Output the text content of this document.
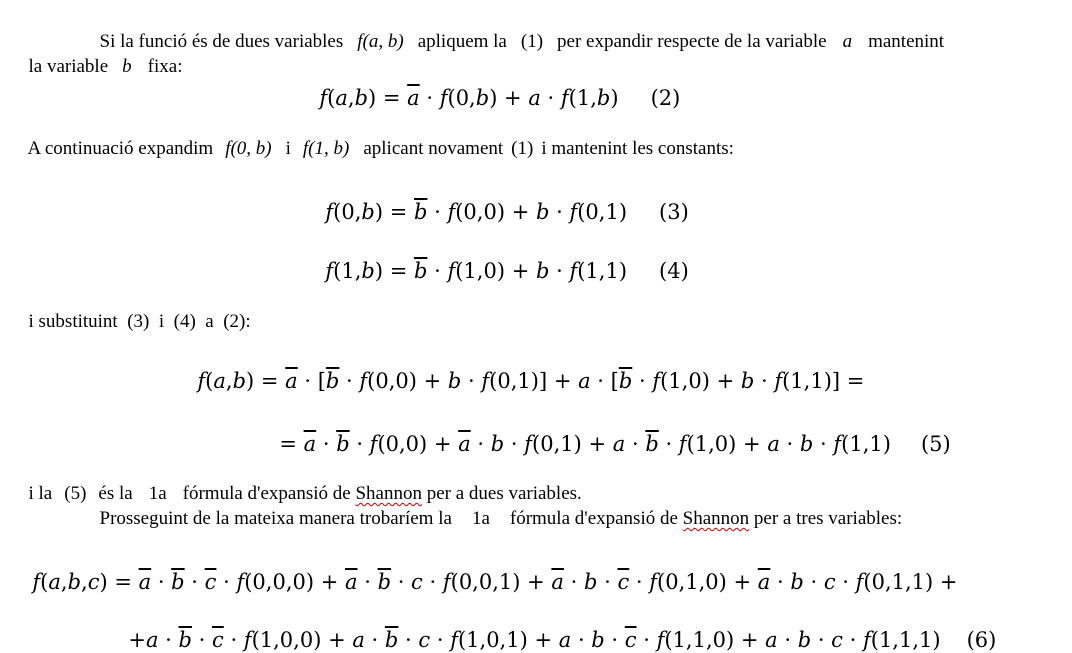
Si la funció és de dues variables f(a, b) apliquem la (1) per expandir respecte de la variable a mantenint

la variable b fixa:

$f(a,b) = \overline{a} \cdot f(0,b) + a \cdot f(1,b)$ (2)

A continuació expandim f(0, b) i f(1, b) aplicant novament (1) i mantenint les constants:

$f(0,b) = \overline{b} \cdot f(0,0) + b \cdot f(0,1)$ (3)

$f(1,b) = \overline{b} \cdot f(1,0) + b \cdot f(1,1)$ (4)

i substituint  (3)  i  (4)  a  (2):

$f(a,b) = \overline{a} \cdot [\overline{b} \cdot f(0,0) + b \cdot f(0,1)] + a \cdot [\overline{b} \cdot f(1,0) + b \cdot f(1,1)]$ =

= $\overline{a} \cdot \overline{b} \cdot f(0,0) + \overline{a} \cdot b \cdot f(0,1) + a \cdot \overline{b} \cdot f(1,0) + a \cdot b \cdot f(1,1)$ (5)

i la (5) és la 1a fórmula d'expansió de Shannon per a dues variables.

Prosseguint de la mateixa manera trobaríem la 1a fórmula d'expansió de Shannon per a tres variables:

$f(a,b,c) = \overline{a} \cdot \overline{b} \cdot \overline{c} \cdot f(0,0,0) + \overline{a} \cdot \overline{b} \cdot c \cdot f(0,0,1) + \overline{a} \cdot b \cdot \overline{c} \cdot f(0,1,0) + \overline{a} \cdot b \cdot c \cdot f(0,1,1)$ +

$+a \cdot \overline{b} \cdot \overline{c} \cdot f(1,0,0) + a \cdot \overline{b} \cdot c \cdot f(1,0,1) + a \cdot b \cdot \overline{c} \cdot f(1,1,0) + a \cdot b \cdot c \cdot f(1,1,1)$ (6)
